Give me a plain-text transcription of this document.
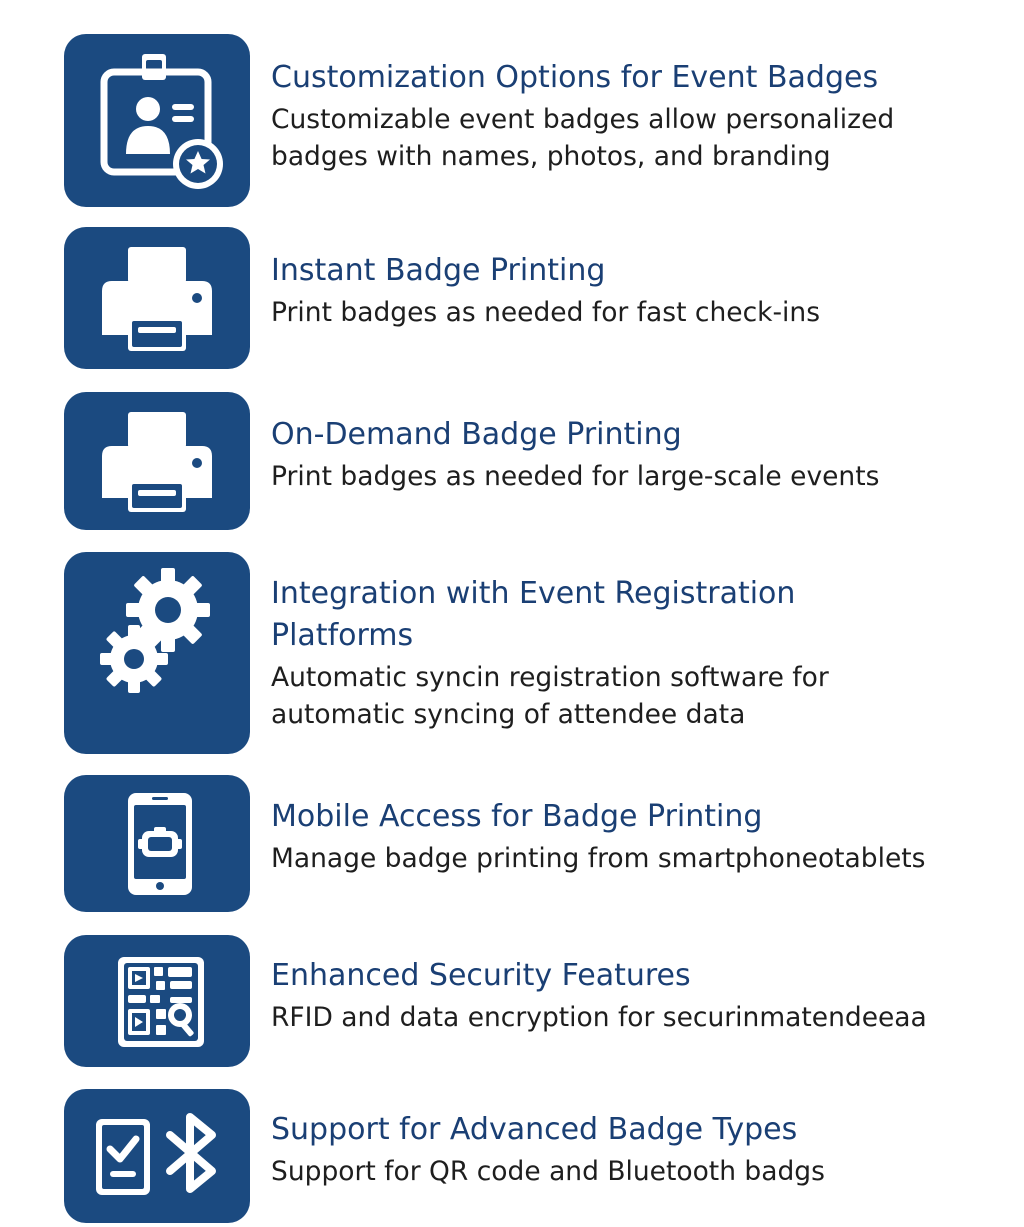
Customization Options for Event Badges
Customizable event badges allow personalized badges with names, photos, and branding
Instant Badge Printing
Print badges as needed for fast check-ins
On-Demand Badge Printing
Print badges as needed for large-scale events
Integration with Event Registration Platforms
Automatic syncin registration software for automatic syncing of attendee data
Mobile Access for Badge Printing
Manage badge printing from smartphoneotablets
Enhanced Security Features
RFID and data encryption for securinmatendeeaa
Support for Advanced Badge Types
Support for QR code and Bluetooth badgs
